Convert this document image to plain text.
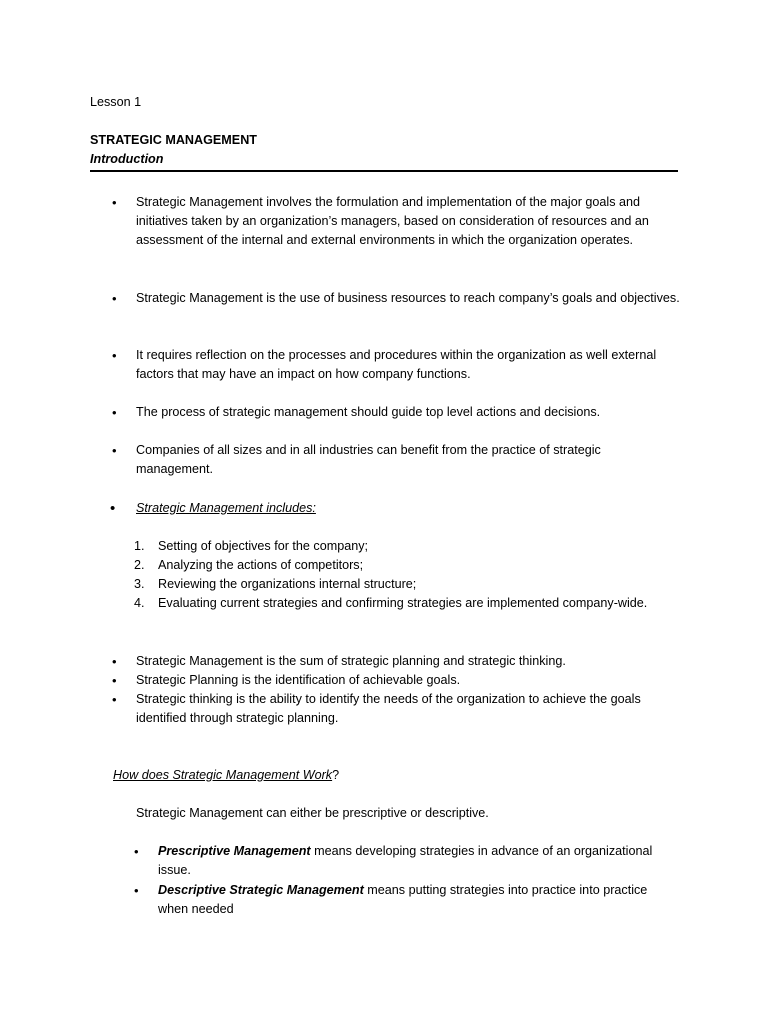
Lesson 1
STRATEGIC MANAGEMENT
Introduction
• Strategic Management involves the formulation and implementation of the major goals and initiatives taken by an organization’s managers, based on consideration of resources and an assessment of the internal and external environments in which the organization operates.
• Strategic Management is the use of business resources to reach company’s goals and objectives.
• It requires reflection on the processes and procedures within the organization as well external factors that may have an impact on how company functions.
• The process of strategic management should guide top level actions and decisions.
• Companies of all sizes and in all industries can benefit from the practice of strategic management.
• Strategic Management includes:
1. Setting of objectives for the company;
2. Analyzing the actions of competitors;
3. Reviewing the organizations internal structure;
4. Evaluating current strategies and confirming strategies are implemented company-wide.
• Strategic Management is the sum of strategic planning and strategic thinking.
• Strategic Planning is the identification of achievable goals.
• Strategic thinking is the ability to identify the needs of the organization to achieve the goals identified through strategic planning.
How does Strategic Management Work?
Strategic Management can either be prescriptive or descriptive.
• Prescriptive Management means developing strategies in advance of an organizational issue.
• Descriptive Strategic Management means putting strategies into practice into practice when needed
